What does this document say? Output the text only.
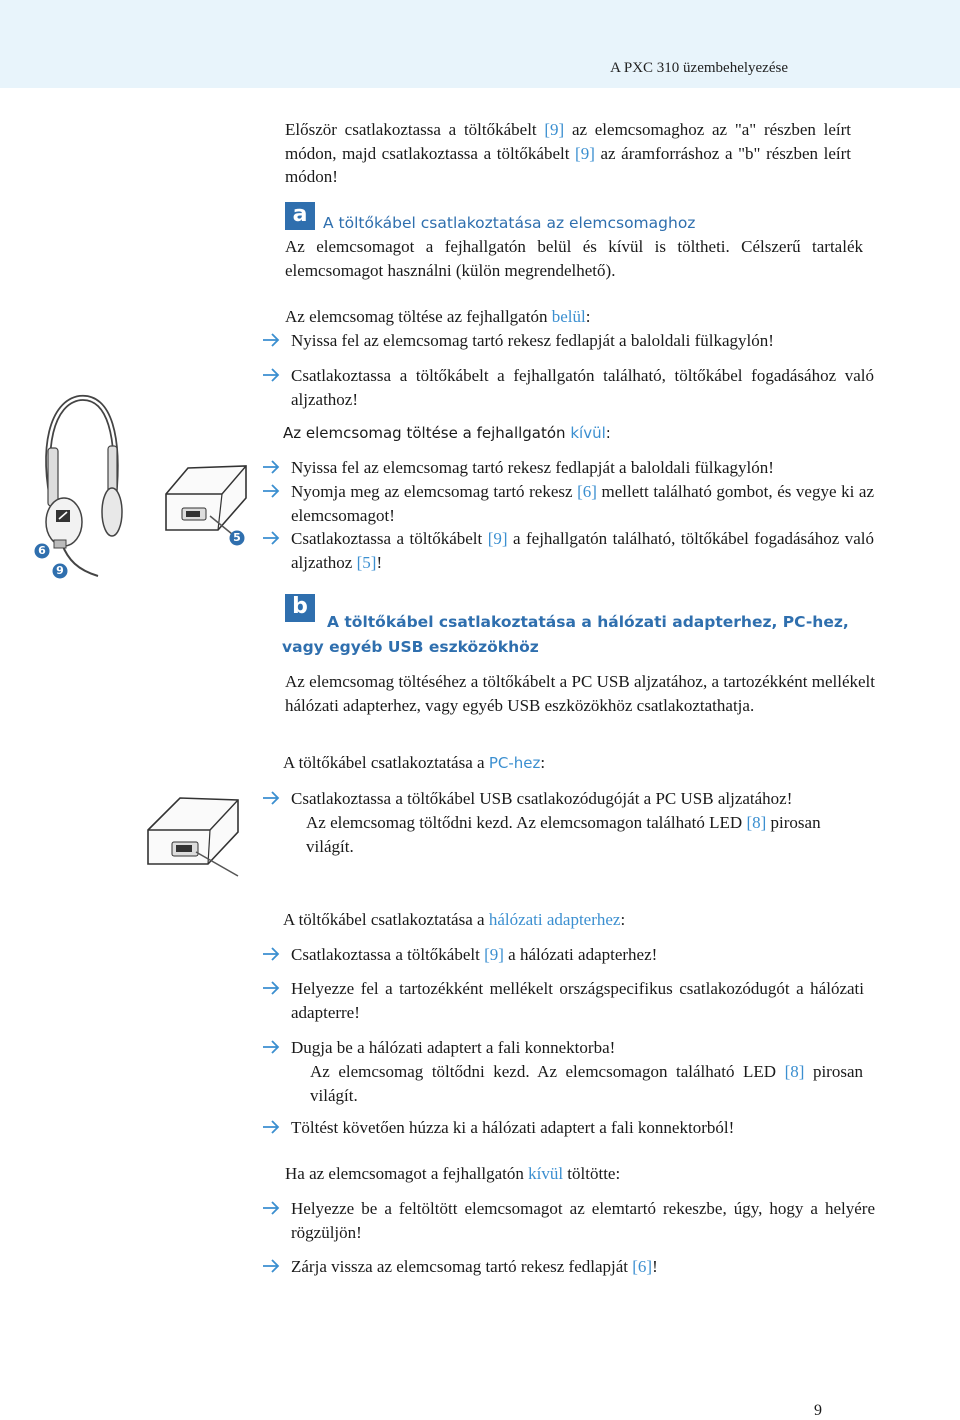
A PXC 310 üzembehelyezése
Először csatlakoztassa a töltőkábelt [9] az elemcsomaghoz az "a" részben leírt módon, majd csatlakoztassa a töltőkábelt [9] az áramforráshoz a "b" részben leírt módon!
a	A töltőkábel csatlakoztatása az elemcsomaghoz
Az elemcsomagot a fejhallgatón belül és kívül is töltheti. Célszerű tartalék elemcsomagot használni (külön megrendelhető).
Az elemcsomag töltése az fejhallgatón belül:
Nyissa fel az elemcsomag tartó rekesz fedlapját a baloldali fülkagylón!
Csatlakoztassa a töltőkábelt a fejhallgatón található, töltőkábel fogadásához való aljzathoz!
Az elemcsomag töltése a fejhallgatón kívül:
Nyissa fel az elemcsomag tartó rekesz fedlapját a baloldali fülkagylón!
Nyomja meg az elemcsomag tartó rekesz [6] mellett található gombot, és vegye ki az elemcsomagot!
Csatlakoztassa a töltőkábelt [9] a fejhallgatón található, töltőkábel fogadásához való aljzathoz [5]!
6
9
5
b
A töltőkábel csatlakoztatása a hálózati adapterhez, PC-hez,
vagy egyéb USB eszközökhöz
Az elemcsomag töltéséhez a töltőkábelt a PC USB aljzatához, a tartozékként mellékelt hálózati adapterhez, vagy egyéb USB eszközökhöz csatlakoztathatja.
A töltőkábel csatlakoztatása a PC-hez:
Csatlakoztassa a töltőkábel USB csatlakozódugóját a PC USB aljzatához!
Az elemcsomag töltődni kezd. Az elemcsomagon található LED [8] pirosan világít.
A töltőkábel csatlakoztatása a hálózati adapterhez:
Csatlakoztassa a töltőkábelt [9] a hálózati adapterhez!
Helyezze fel a tartozékként mellékelt országspecifikus csatlakozódugót a hálózati adapterre!
Dugja be a hálózati adaptert a fali konnektorba!
Az elemcsomag töltődni kezd. Az elemcsomagon található LED [8] pirosan világít.
Töltést követően húzza ki a hálózati adaptert a fali konnektorból!
Ha az elemcsomagot a fejhallgatón kívül töltötte:
Helyezze be a feltöltött elemcsomagot az elemtartó rekeszbe, úgy, hogy a helyére rögzüljön!
Zárja vissza az elemcsomag tartó rekesz fedlapját [6]!
9
